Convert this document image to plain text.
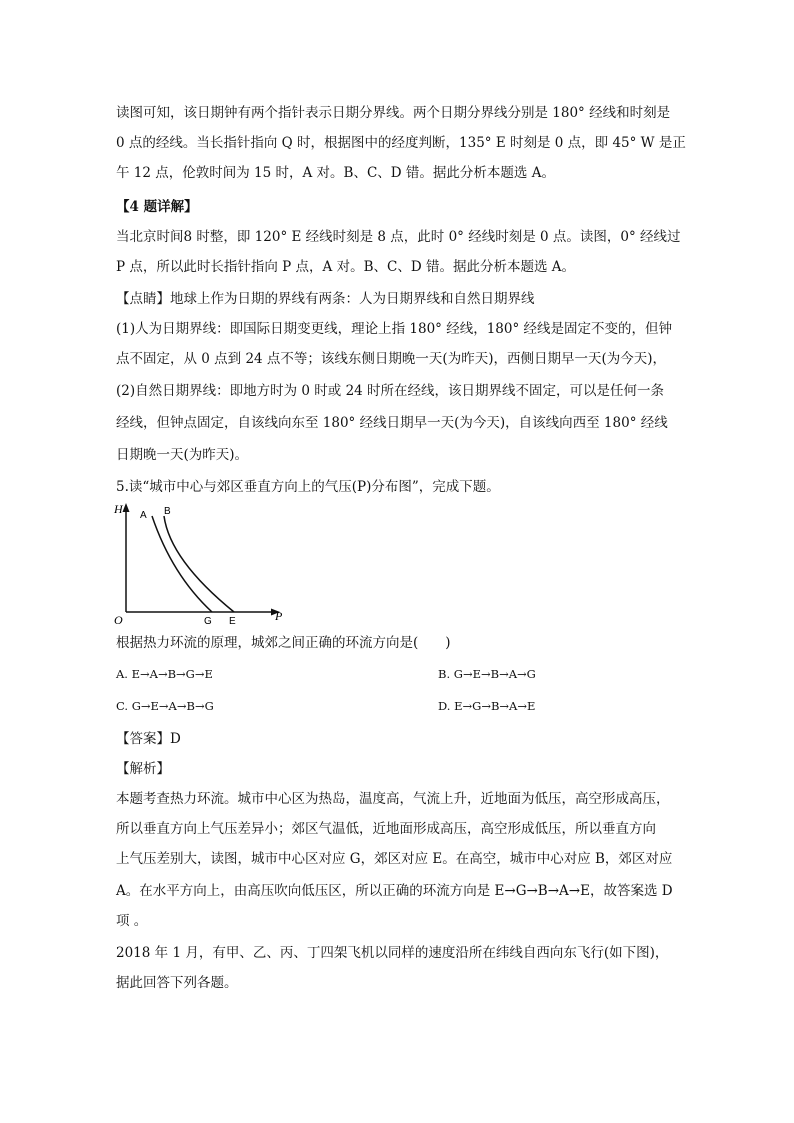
读图可知，该日期钟有两个指针表示日期分界线。两个日期分界线分别是 180° 经线和时刻是
0 点的经线。当长指针指向 Q 时，根据图中的经度判断，135° E 时刻是 0 点，即 45° W 是正
午 12 点，伦敦时间为 15 时，A 对。B、C、D 错。据此分析本题选 A。
【4 题详解】
当北京时间8 时整，即 120° E 经线时刻是 8 点，此时 0° 经线时刻是 0 点。读图，0° 经线过
P 点，所以此时长指针指向 P 点，A 对。B、C、D 错。据此分析本题选 A。
【点睛】地球上作为日期的界线有两条：人为日期界线和自然日期界线
(1)人为日期界线：即国际日期变更线，理论上指 180° 经线，180° 经线是固定不变的，但钟
点不固定，从 0 点到 24 点不等；该线东侧日期晚一天(为昨天)，西侧日期早一天(为今天)，
(2)自然日期界线：即地方时为 0 时或 24 时所在经线，该日期界线不固定，可以是任何一条
经线，但钟点固定，自该线向东至 180° 经线日期早一天(为今天)，自该线向西至 180° 经线
日期晚一天(为昨天)。
5.读“城市中心与郊区垂直方向上的气压(P)分布图”，完成下题。
H
P
O
A B
G E
根据热力环流的原理，城郊之间正确的环流方向是(　　)
A. E→A→B→G→E	B. G→E→B→A→G
C. G→E→A→B→G	D. E→G→B→A→E
【答案】D
【解析】
本题考查热力环流。城市中心区为热岛，温度高，气流上升，近地面为低压，高空形成高压，
所以垂直方向上气压差异小；郊区气温低，近地面形成高压，高空形成低压，所以垂直方向
上气压差别大，读图，城市中心区对应 G，郊区对应 E。在高空，城市中心对应 B，郊区对应
A。在水平方向上，由高压吹向低压区，所以正确的环流方向是 E→G→B→A→E，故答案选 D
项 。
2018 年 1 月，有甲、乙、丙、丁四架飞机以同样的速度沿所在纬线自西向东飞行(如下图)，
据此回答下列各题。
